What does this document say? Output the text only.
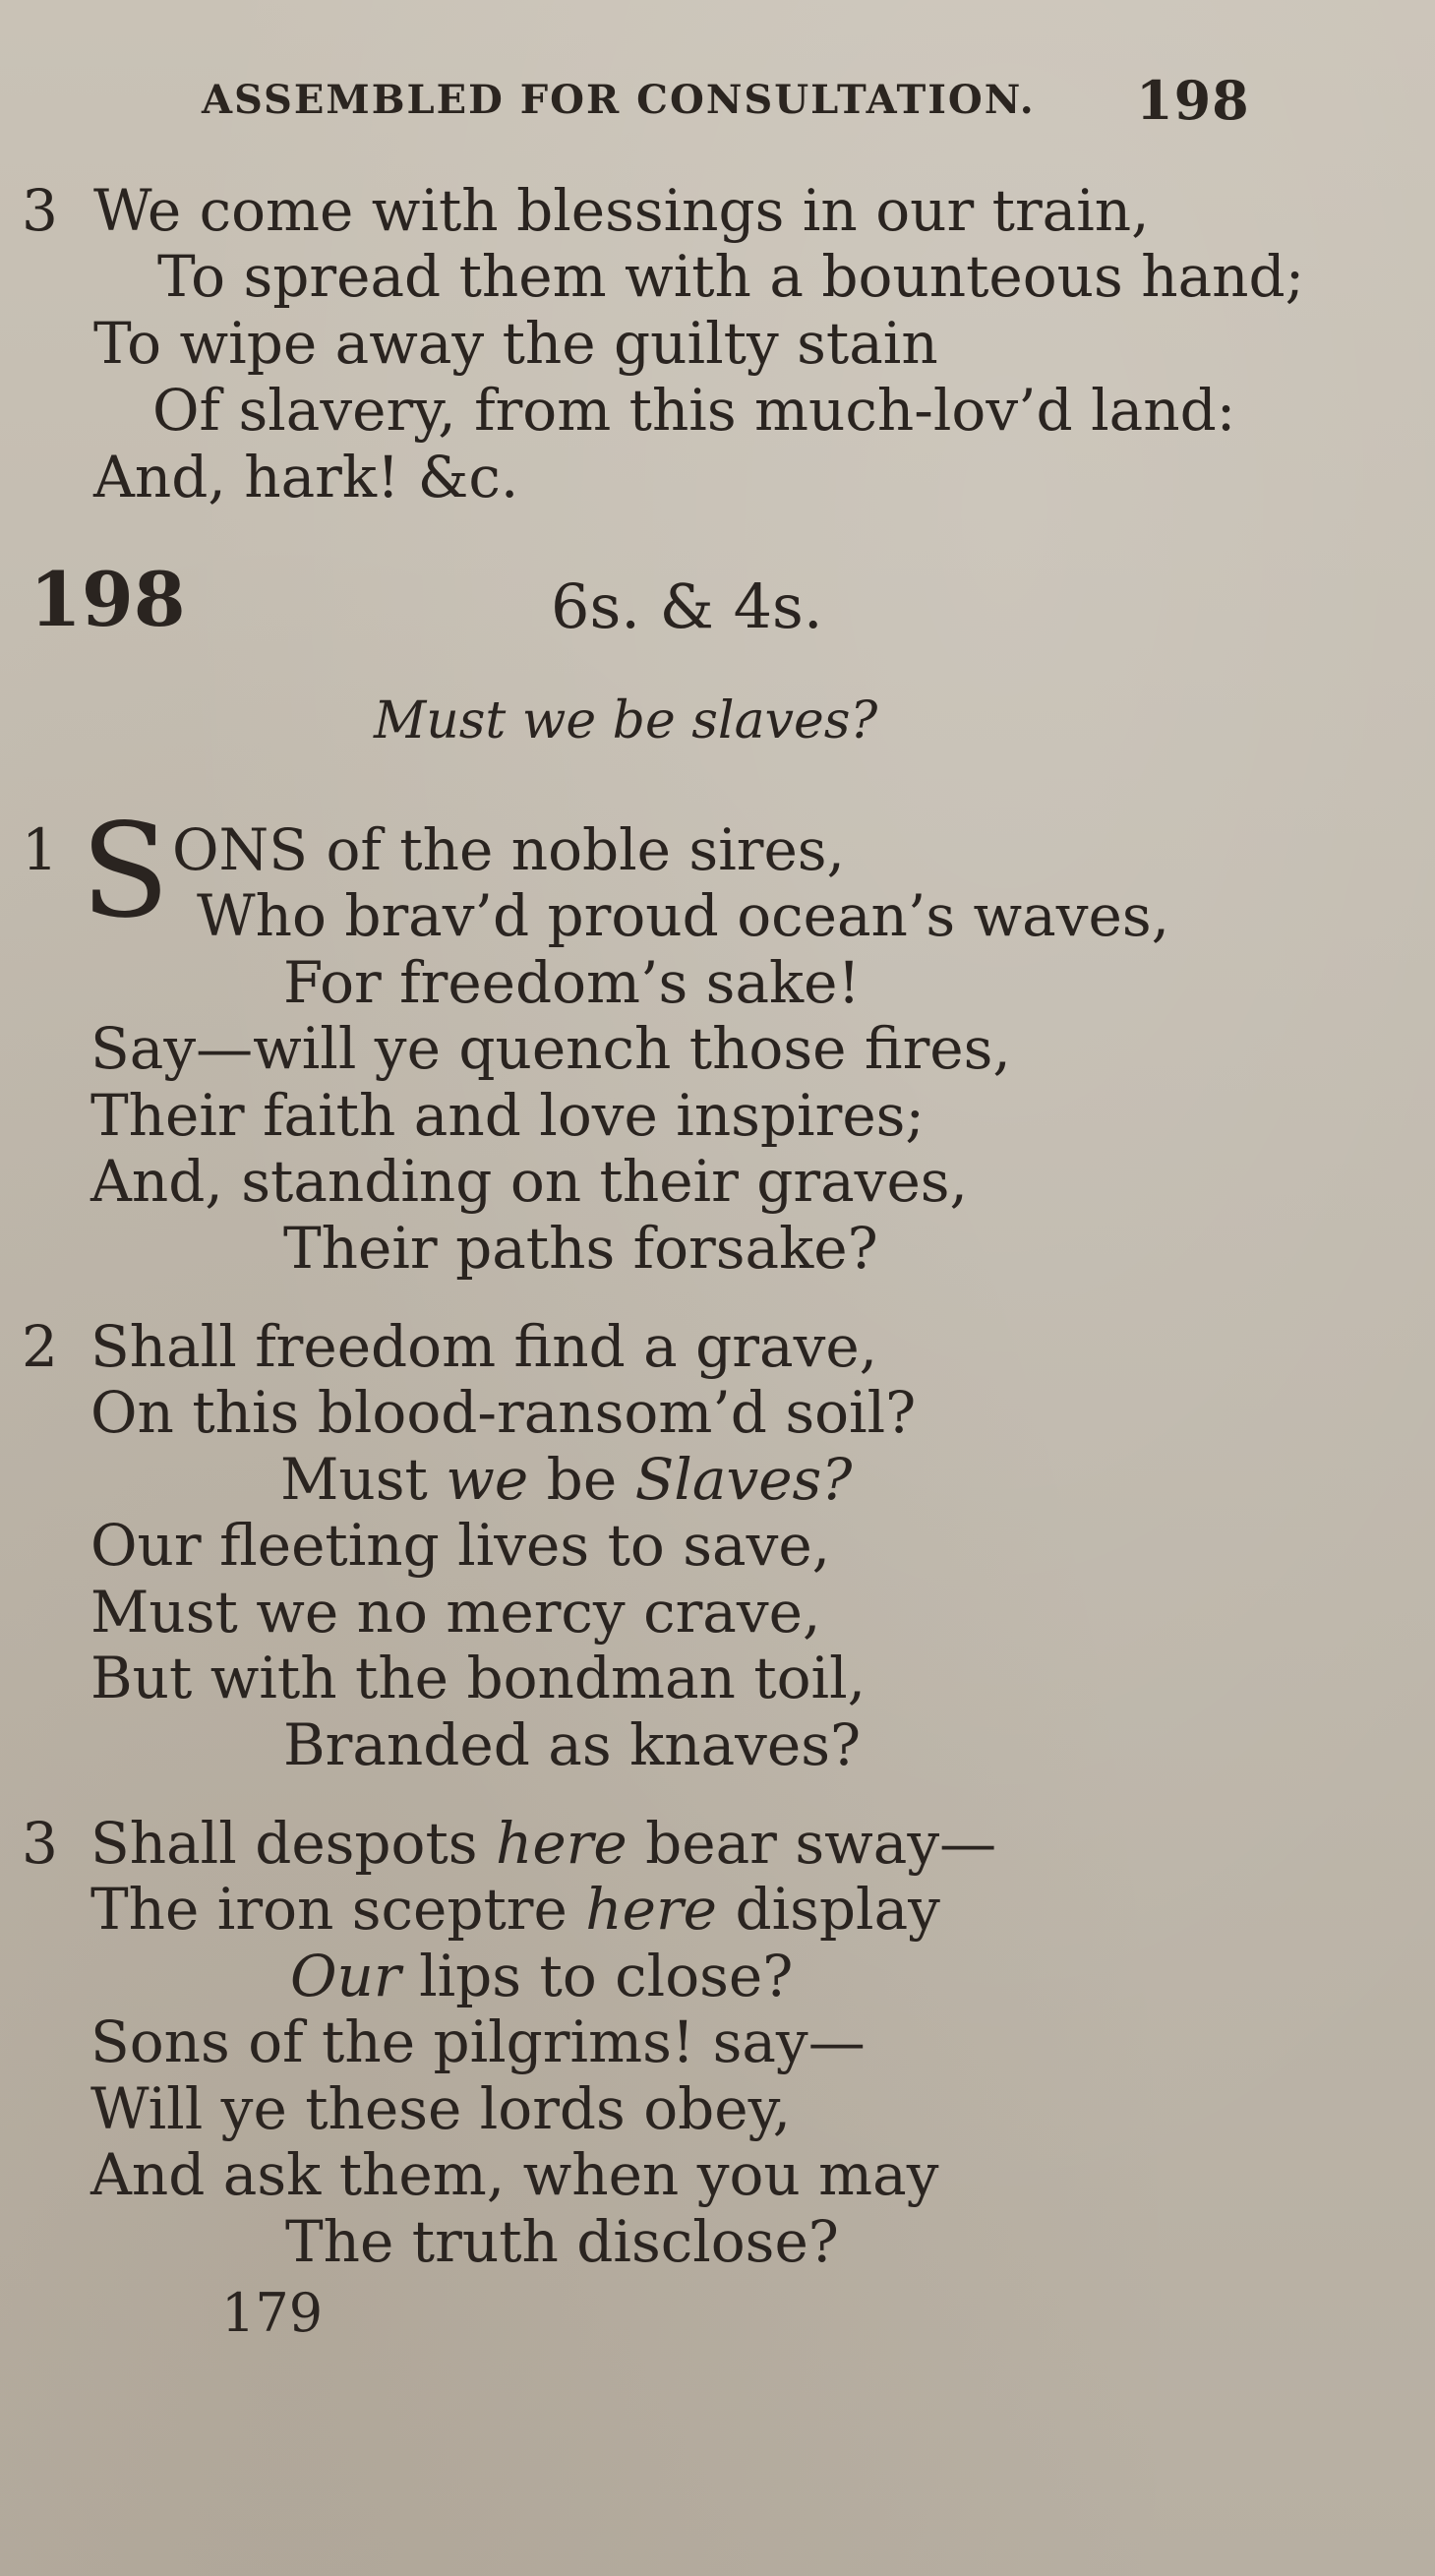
ASSEMBLED FOR CONSULTATION. 198
3 We come with blessings in our train,
To spread them with a bounteous hand;
To wipe away the guilty stain
Of slavery, from this much-lov’d land:
And, hark! &c.
198	6s. & 4s.
Must we be slaves?
1 S ONS of the noble sires,
Who brav’d proud ocean’s waves,
For freedom’s sake!
Say—will ye quench those fires,
Their faith and love inspires;
And, standing on their graves,
Their paths forsake?
2 Shall freedom find a grave,
On this blood-ransom’d soil?
Must we be Slaves?
Our fleeting lives to save,
Must we no mercy crave,
But with the bondman toil,
Branded as knaves?
3 Shall despots here bear sway—
The iron sceptre here display
Our lips to close?
Sons of the pilgrims! say—
Will ye these lords obey,
And ask them, when you may
The truth disclose?
179
